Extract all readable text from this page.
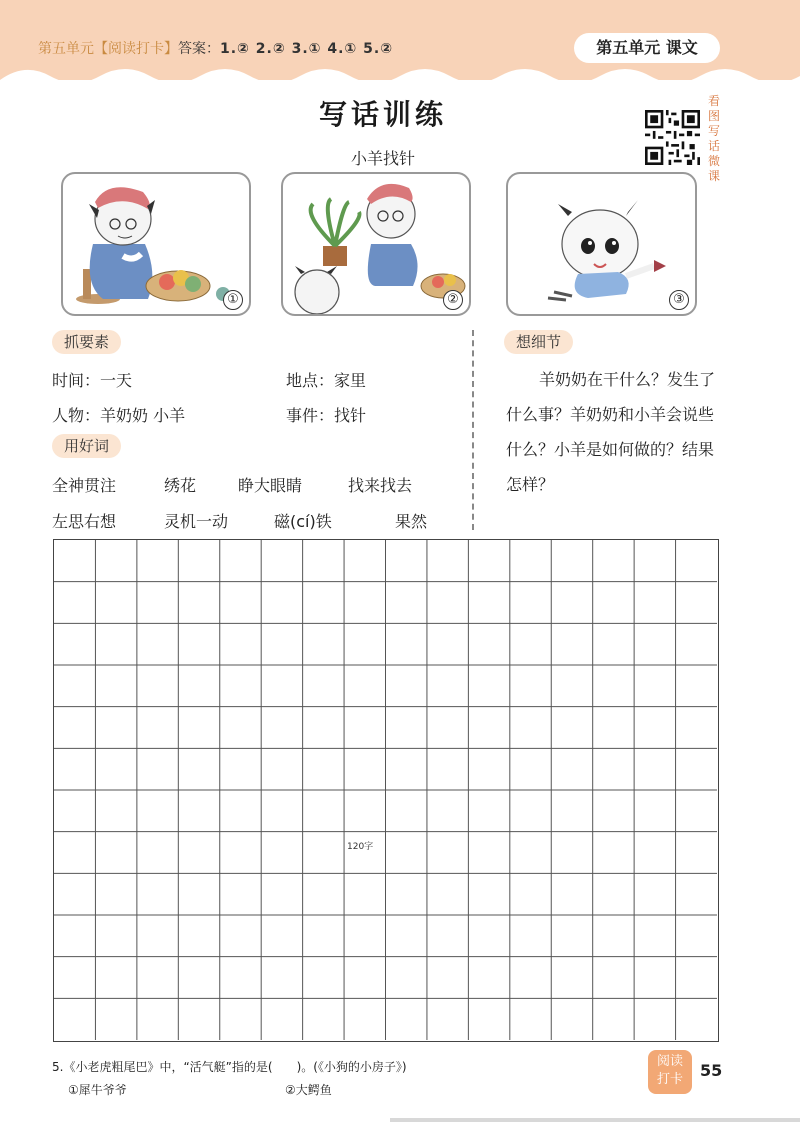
第五单元【阅读打卡】答案：1.② 2.② 3.① 4.① 5.②	第五单元 课文
写话训练
小羊找针
看图写话微课
①	②	③
抓要素
时间：一天	地点：家里
人物：羊奶奶 小羊	事件：找针
用好词
全神贯注	绣花	睁大眼睛	找来找去
左思右想	灵机一动	磁(cí)铁	果然
想细节
羊奶奶在干什么？发生了什么事？羊奶奶和小羊会说些什么？小羊是如何做的？结果怎样？
120字
5.《小老虎粗尾巴》中，“活气艇”指的是(　　)。(《小狗的小房子》)
①犀牛爷爷	②大鳄鱼
阅读
打卡	55
